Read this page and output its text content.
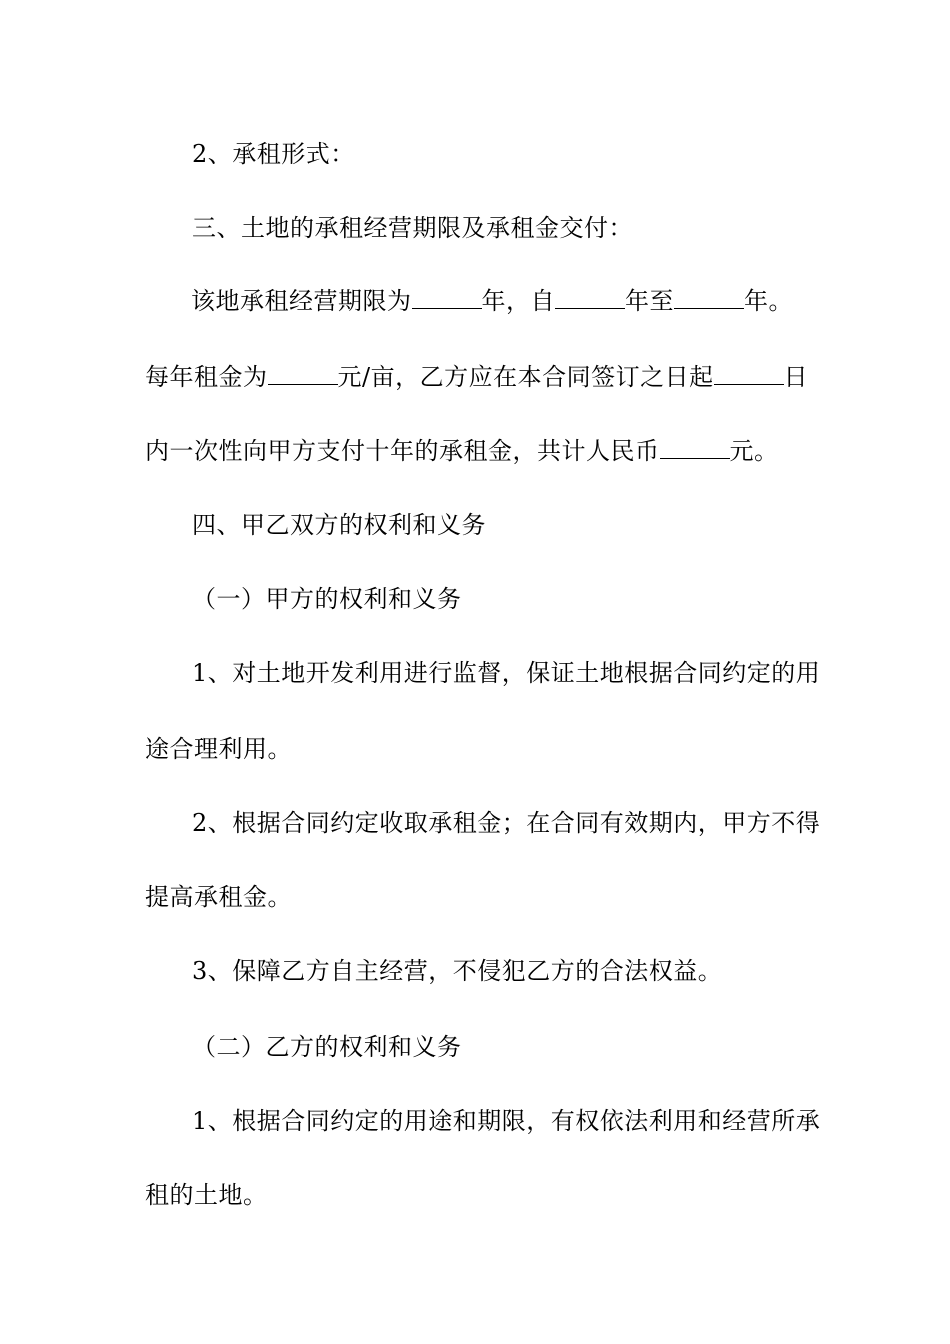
2、承租形式：
三、土地的承租经营期限及承租金交付：
该地承租经营期限为	年，自	年至	年。
每年租金为	元/亩，乙方应在本合同签订之日起	日
内一次性向甲方支付十年的承租金，共计人民币	元。
四、甲乙双方的权利和义务
（一）甲方的权利和义务
1、对土地开发利用进行监督，保证土地根据合同约定的用
途合理利用。
2、根据合同约定收取承租金；在合同有效期内，甲方不得
提高承租金。
3、保障乙方自主经营，不侵犯乙方的合法权益。
（二）乙方的权利和义务
1、根据合同约定的用途和期限，有权依法利用和经营所承
租的土地。
